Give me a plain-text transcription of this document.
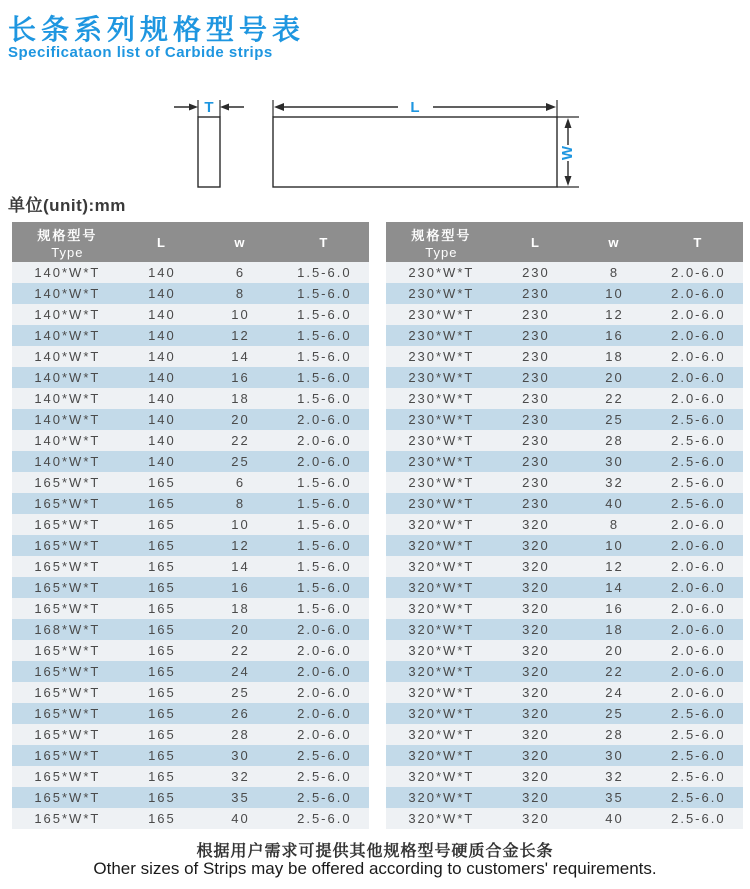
长条系列规格型号表
Specificataon list of Carbide strips
T	L
W
单位(unit):mm
规格型号
Type	L	w	T
140*W*T	140	6	1.5-6.0
140*W*T	140	8	1.5-6.0
140*W*T	140	10	1.5-6.0
140*W*T	140	12	1.5-6.0
140*W*T	140	14	1.5-6.0
140*W*T	140	16	1.5-6.0
140*W*T	140	18	1.5-6.0
140*W*T	140	20	2.0-6.0
140*W*T	140	22	2.0-6.0
140*W*T	140	25	2.0-6.0
165*W*T	165	6	1.5-6.0
165*W*T	165	8	1.5-6.0
165*W*T	165	10	1.5-6.0
165*W*T	165	12	1.5-6.0
165*W*T	165	14	1.5-6.0
165*W*T	165	16	1.5-6.0
165*W*T	165	18	1.5-6.0
168*W*T	165	20	2.0-6.0
165*W*T	165	22	2.0-6.0
165*W*T	165	24	2.0-6.0
165*W*T	165	25	2.0-6.0
165*W*T	165	26	2.0-6.0
165*W*T	165	28	2.0-6.0
165*W*T	165	30	2.5-6.0
165*W*T	165	32	2.5-6.0
165*W*T	165	35	2.5-6.0
165*W*T	165	40	2.5-6.0
规格型号
Type	L	w	T
230*W*T	230	8	2.0-6.0
230*W*T	230	10	2.0-6.0
230*W*T	230	12	2.0-6.0
230*W*T	230	16	2.0-6.0
230*W*T	230	18	2.0-6.0
230*W*T	230	20	2.0-6.0
230*W*T	230	22	2.0-6.0
230*W*T	230	25	2.5-6.0
230*W*T	230	28	2.5-6.0
230*W*T	230	30	2.5-6.0
230*W*T	230	32	2.5-6.0
230*W*T	230	40	2.5-6.0
320*W*T	320	8	2.0-6.0
320*W*T	320	10	2.0-6.0
320*W*T	320	12	2.0-6.0
320*W*T	320	14	2.0-6.0
320*W*T	320	16	2.0-6.0
320*W*T	320	18	2.0-6.0
320*W*T	320	20	2.0-6.0
320*W*T	320	22	2.0-6.0
320*W*T	320	24	2.0-6.0
320*W*T	320	25	2.5-6.0
320*W*T	320	28	2.5-6.0
320*W*T	320	30	2.5-6.0
320*W*T	320	32	2.5-6.0
320*W*T	320	35	2.5-6.0
320*W*T	320	40	2.5-6.0
根据用户需求可提供其他规格型号硬质合金长条
Other sizes of Strips may be offered according to customers' requirements.
